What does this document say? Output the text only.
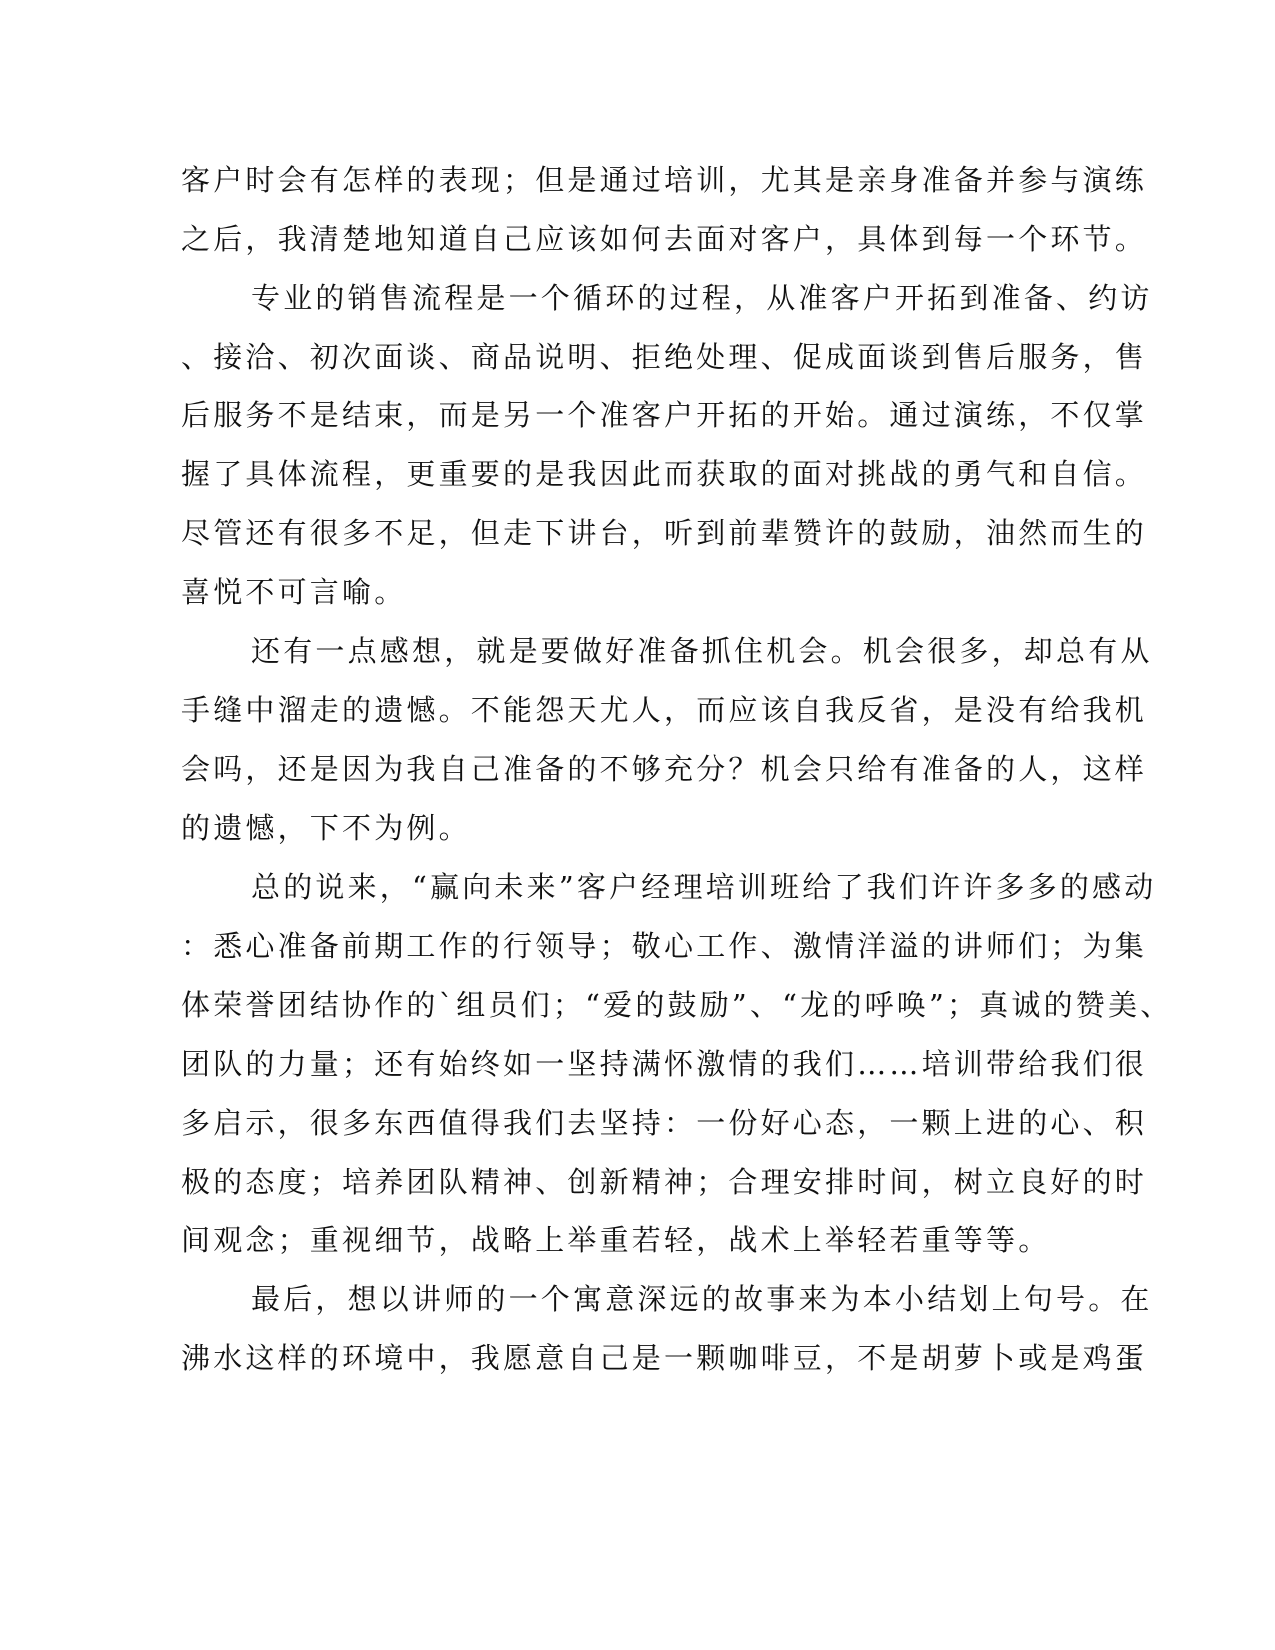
客户时会有怎样的表现；但是通过培训，尤其是亲身准备并参与演练
之后，我清楚地知道自己应该如何去面对客户，具体到每一个环节。
专业的销售流程是一个循环的过程，从准客户开拓到准备、约访
、接洽、初次面谈、商品说明、拒绝处理、促成面谈到售后服务，售
后服务不是结束，而是另一个准客户开拓的开始。通过演练，不仅掌
握了具体流程，更重要的是我因此而获取的面对挑战的勇气和自信。
尽管还有很多不足，但走下讲台，听到前辈赞许的鼓励，油然而生的
喜悦不可言喻。
还有一点感想，就是要做好准备抓住机会。机会很多，却总有从
手缝中溜走的遗憾。不能怨天尤人，而应该自我反省，是没有给我机
会吗，还是因为我自己准备的不够充分？机会只给有准备的人，这样
的遗憾，下不为例。
总的说来，“赢向未来”客户经理培训班给了我们许许多多的感动
：悉心准备前期工作的行领导；敬心工作、激情洋溢的讲师们；为集
体荣誉团结协作的`组员们；“爱的鼓励”、“龙的呼唤”；真诚的赞美、
团队的力量；还有始终如一坚持满怀激情的我们……培训带给我们很
多启示，很多东西值得我们去坚持：一份好心态，一颗上进的心、积
极的态度；培养团队精神、创新精神；合理安排时间，树立良好的时
间观念；重视细节，战略上举重若轻，战术上举轻若重等等。
最后，想以讲师的一个寓意深远的故事来为本小结划上句号。在
沸水这样的环境中，我愿意自己是一颗咖啡豆，不是胡萝卜或是鸡蛋
